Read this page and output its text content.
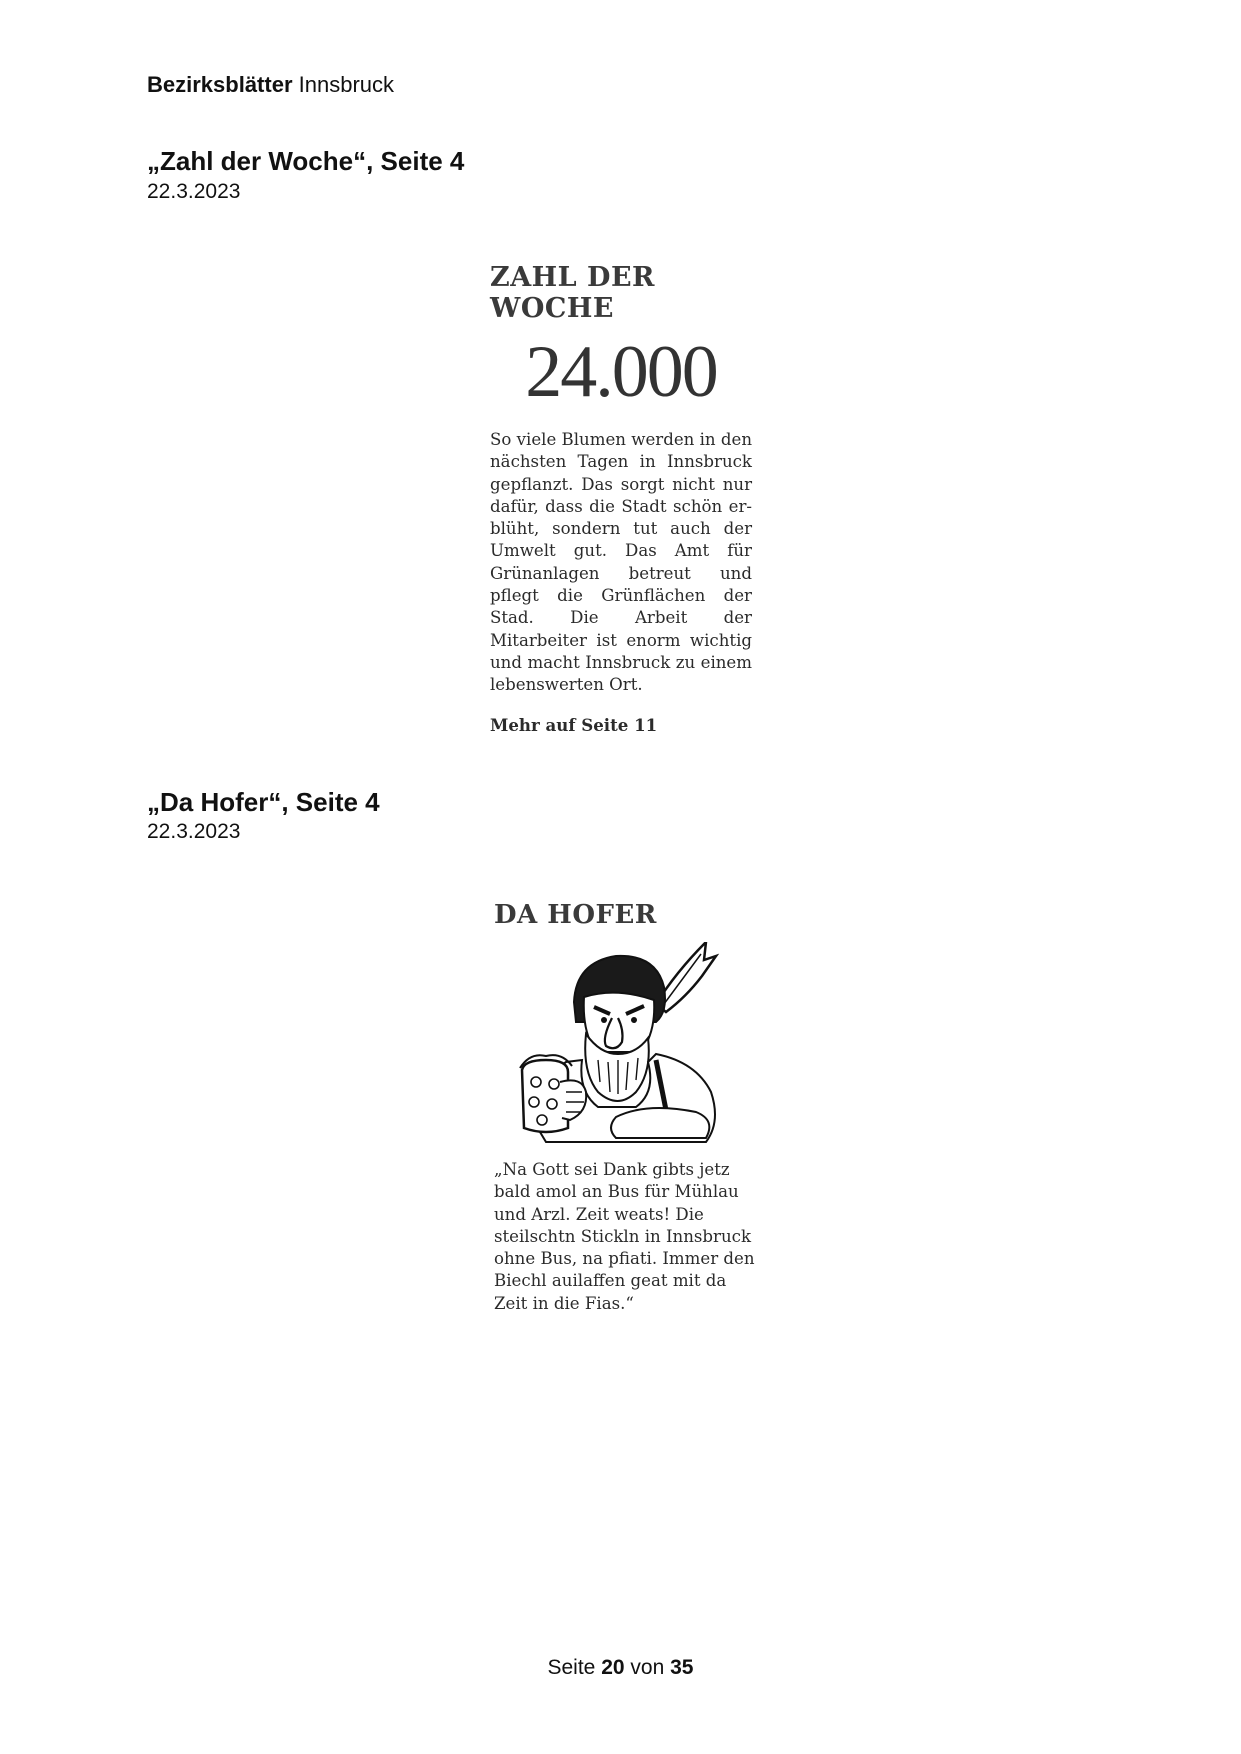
Bezirksblätter Innsbruck
„Zahl der Woche“, Seite 4
22.3.2023
ZAHL DER WOCHE
24.000
So viele Blumen werden in den nächsten Tagen in Innsbruck gepflanzt. Das sorgt nicht nur dafür, dass die Stadt schön erblüht, sondern tut auch der Umwelt gut. Das Amt für Grünanlagen betreut und pflegt die Grünflächen der Stad. Die Arbeit der Mitarbeiter ist enorm wichtig und macht Innsbruck zu einem lebenswerten Ort.
Mehr auf Seite 11
„Da Hofer“, Seite 4
22.3.2023
DA HOFER
„Na Gott sei Dank gibts jetz bald amol an Bus für Mühlau und Arzl. Zeit weats! Die steilschtn Stickln in Innsbruck ohne Bus, na pfiati. Immer den Biechl auilaffen geat mit da Zeit in die Fias.“
Seite 20 von 35
